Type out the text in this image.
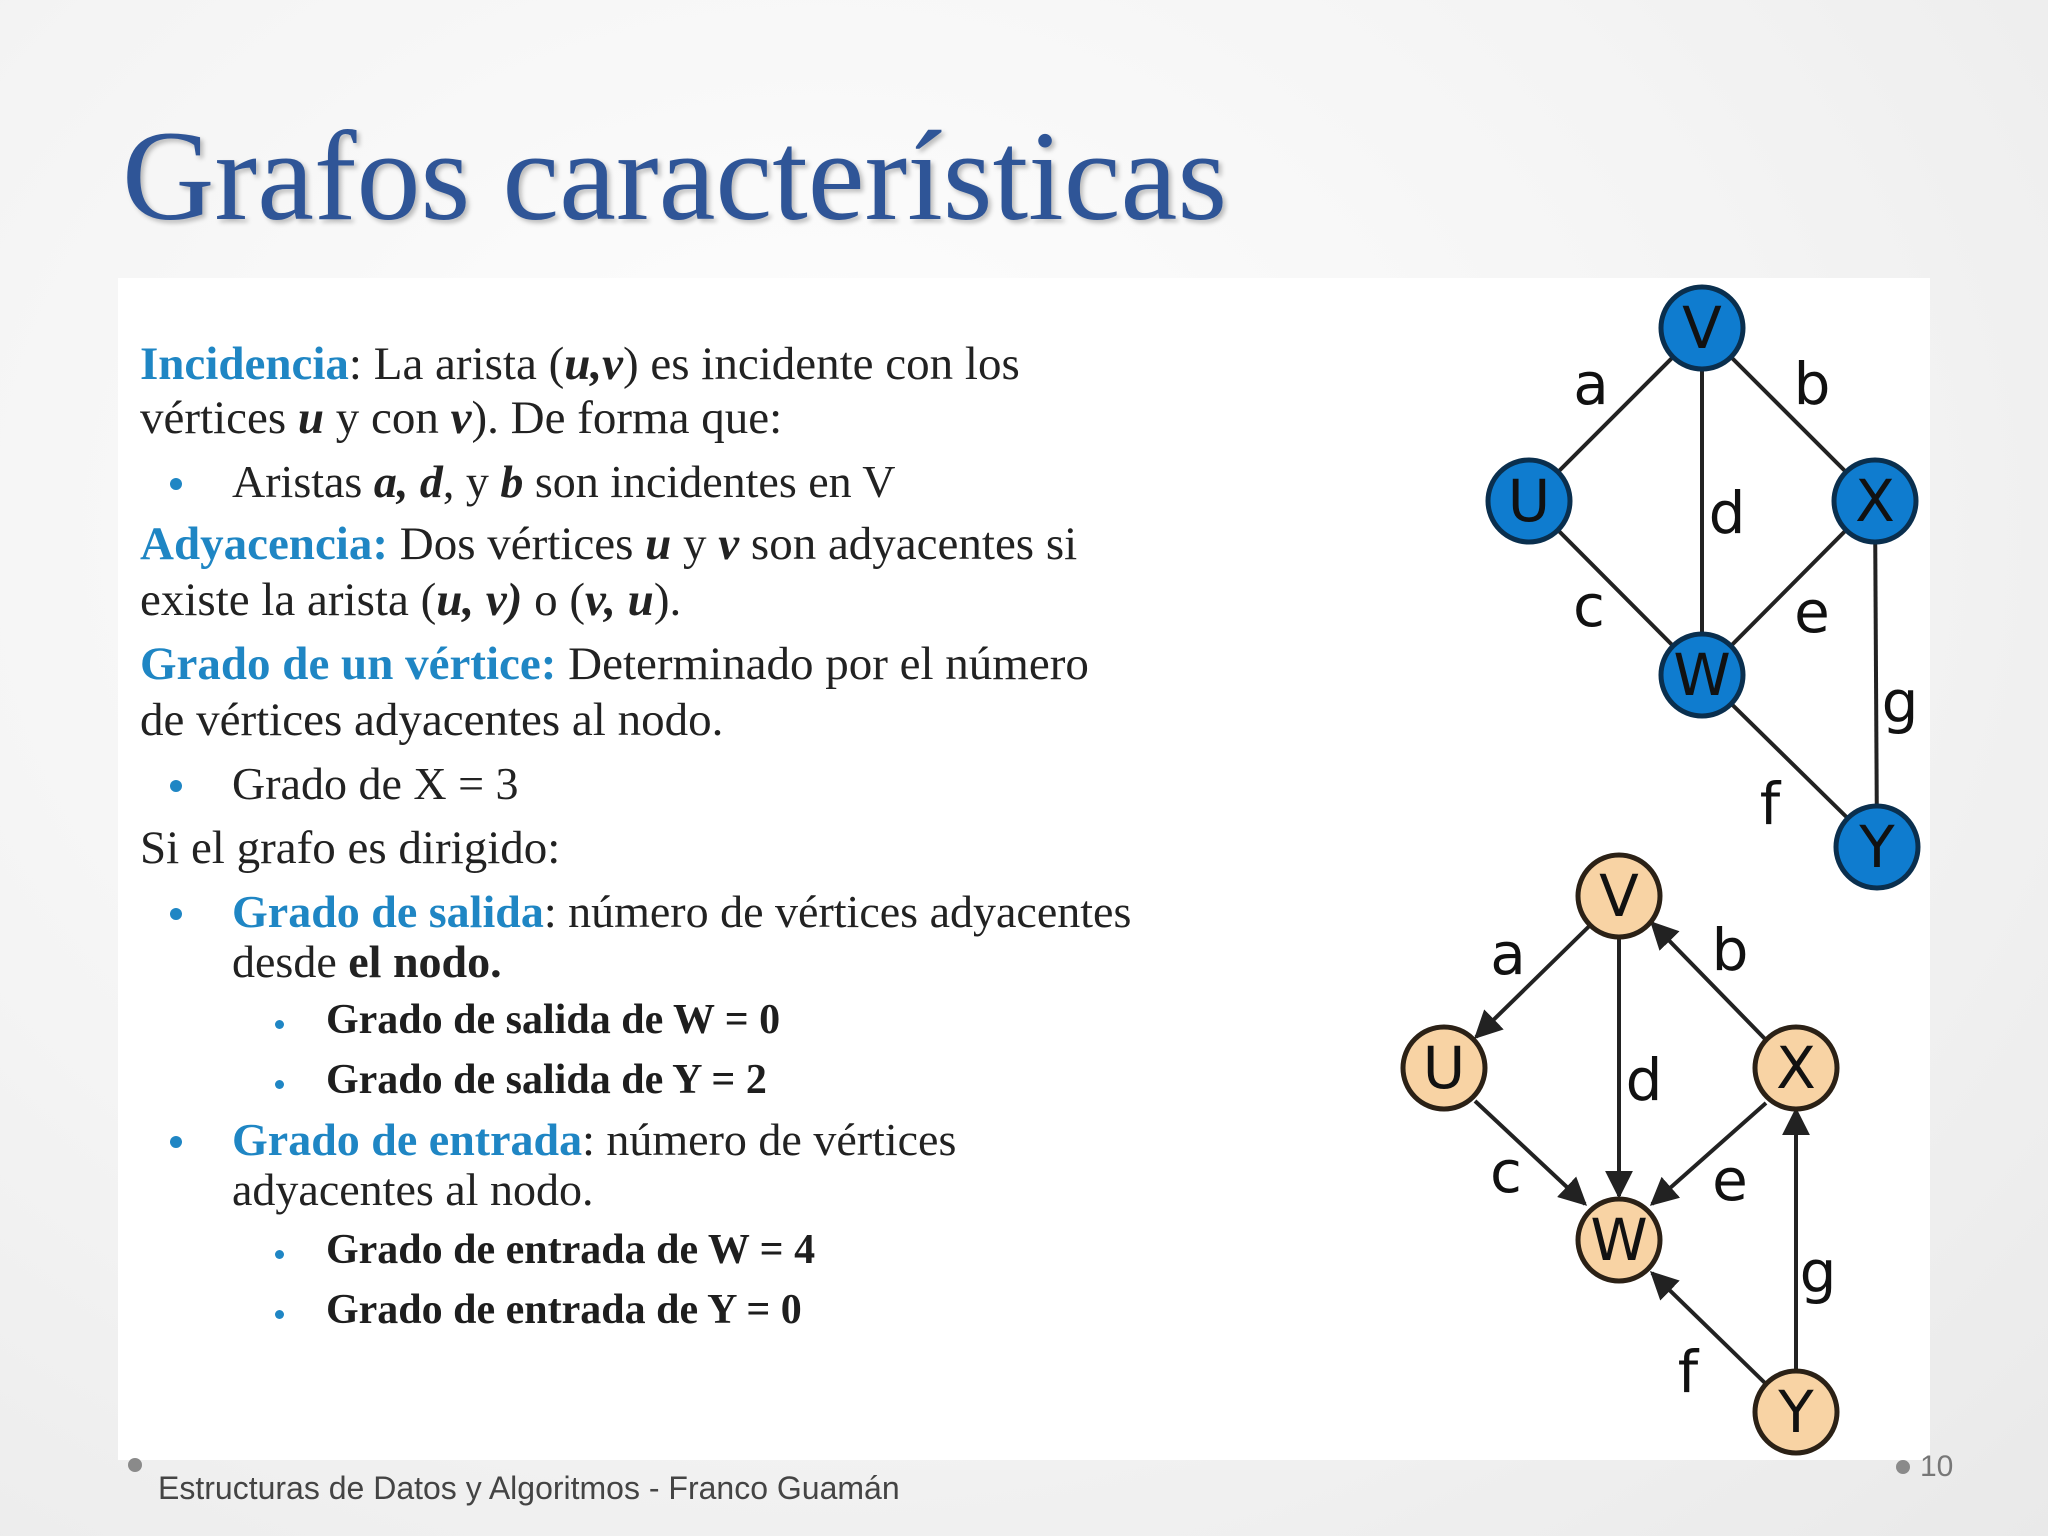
Grafos características
Incidencia: La arista (u,v) es incidente con los
vértices u y con v). De forma que:
Aristas a, d, y b son incidentes en V
Adyacencia: Dos vértices u y v son adyacentes si
existe la arista (u, v) o (v, u).
Grado de un vértice: Determinado por el número
de vértices adyacentes al nodo.
Grado de X = 3
Si el grafo es dirigido:
Grado de salida: número de vértices adyacentes
desde el nodo.
Grado de salida de W = 0
Grado de salida de Y = 2
Grado de entrada: número de vértices
adyacentes al nodo.
Grado de entrada de W = 4
Grado de entrada de Y = 0
V
U	X
W
Y
a	b
c
d
e
f
g
V
U	X
W
Y
a	b
c
d
e
f
g
Estructuras de Datos y Algoritmos - Franco Guamán
10
